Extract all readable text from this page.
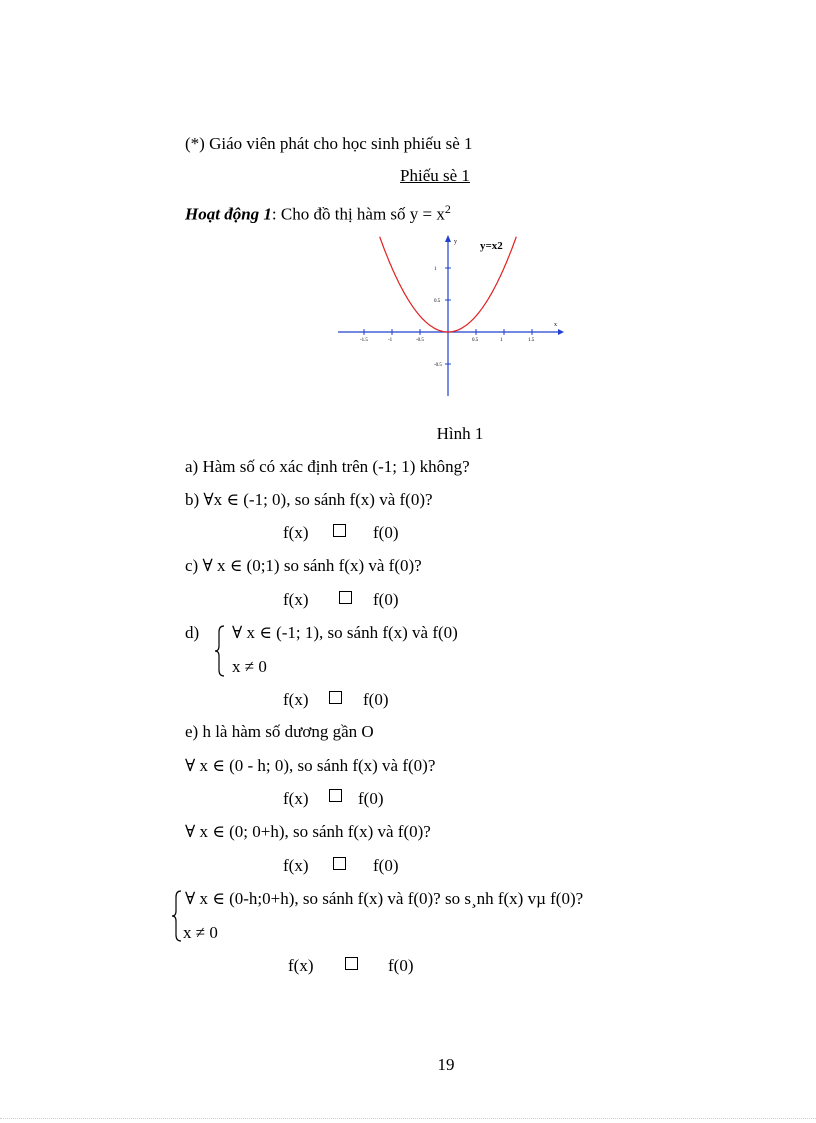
(*) Giáo viên phát cho học sinh phiếu sè 1
Phiếu sè 1
Hoạt động 1: Cho đồ thị hàm số $y = x^2$
-1.5	-1	-0.5	0.5	1	1.5
1
0.5
-0.5
y=x2
y
x
Hình 1
a) Hàm số có xác định trên (-1; 1) không?
b) ∀x ∈ (-1; 0), so sánh f(x) và f(0)?
f(x)	f(0)
c) ∀ x ∈ (0;1) so sánh f(x) và f(0)?
f(x)	f(0)
d) ∀ x ∈ (-1; 1), so sánh f(x) và f(0)
x ≠ 0
f(x)	f(0)
e) h là hàm số dương gần O
∀ x ∈ (0 - h; 0), so sánh f(x) và f(0)?
f(x)	f(0)
∀ x ∈ (0; 0+h), so sánh f(x) và f(0)?
f(x)	f(0)
∀ x ∈ (0-h;0+h), so sánh f(x) và f(0)? so s¸nh f(x) vµ f(0)?
x ≠ 0
f(x)	f(0)
19
